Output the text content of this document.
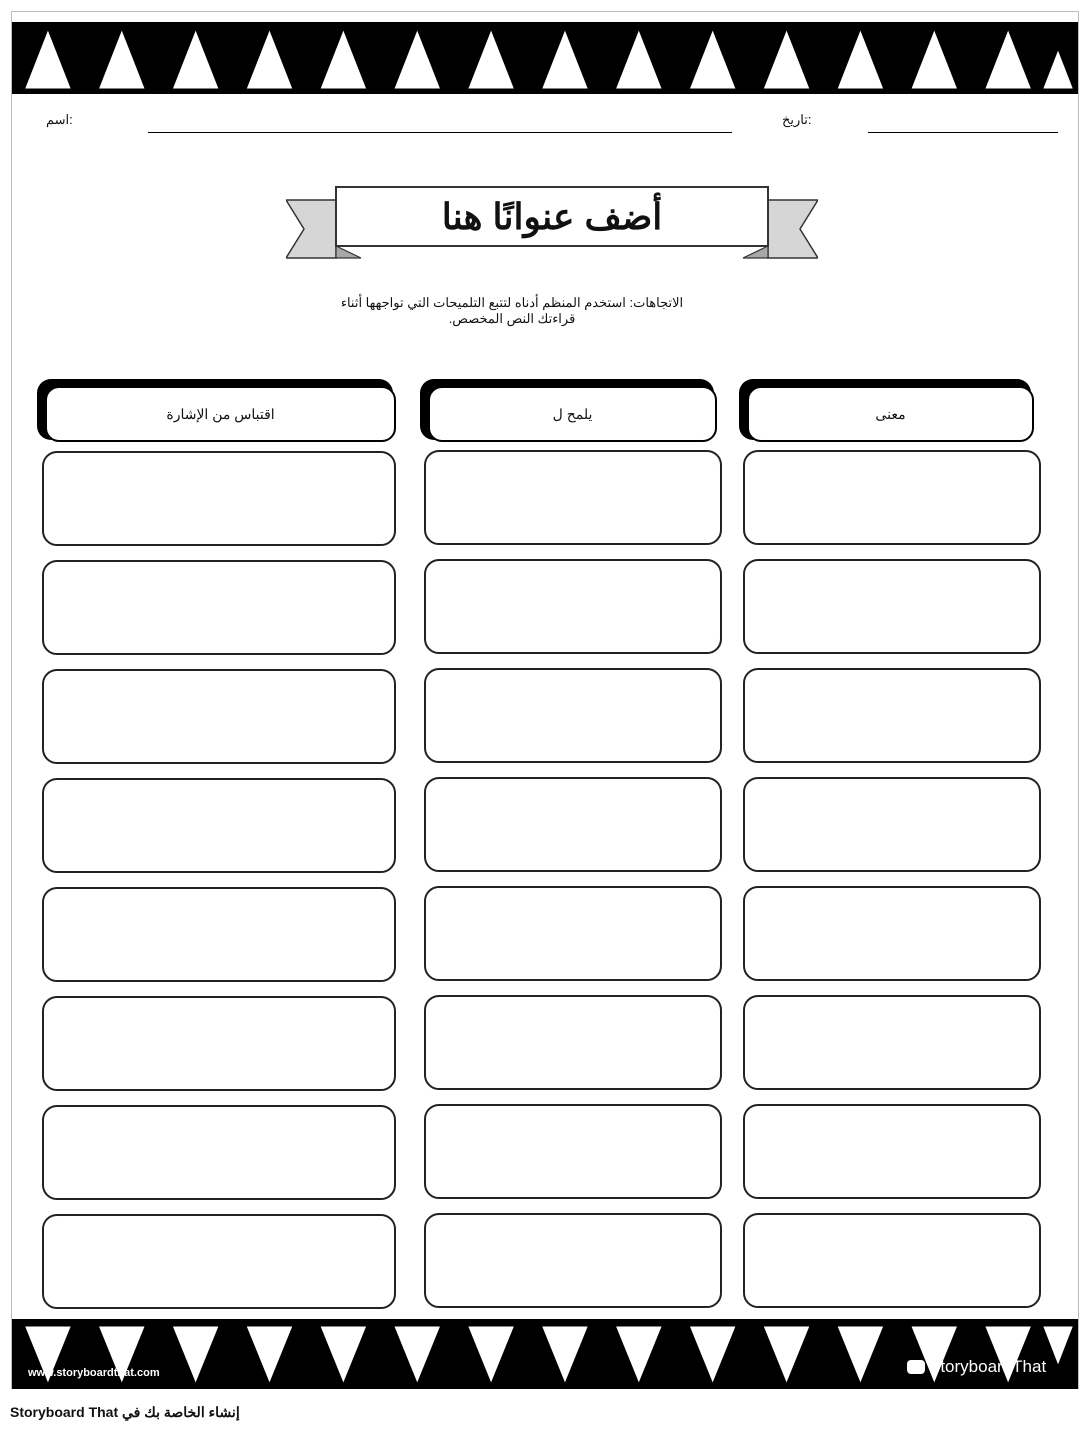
اسم:	تاريخ:
أضف عنوانًا هنا
الاتجاهات: استخدم المنظم أدناه لتتبع التلميحات التي تواجهها أثناء قراءتك النص المخصص.
اقتباس من الإشارة	يلمح ل	معنى
www.storyboardthat.com	StoryboardThat
إنشاء الخاصة بك في Storyboard That
